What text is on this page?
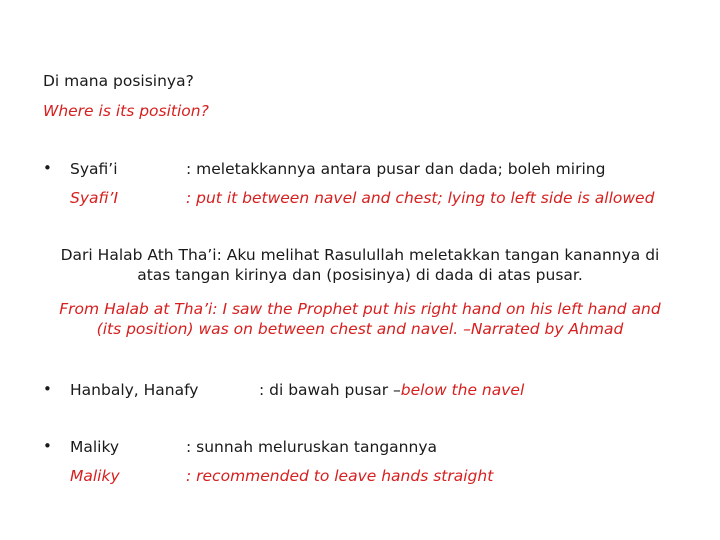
Di mana posisinya?
Where is its position?
• Syafi’i
Syafi’I
: meletakkannya antara pusar dan dada; boleh miring
: put it between navel and chest; lying to left side is allowed
Dari Halab Ath Tha’i: Aku melihat Rasulullah meletakkan tangan kanannya di
atas tangan kirinya dan (posisinya) di dada di atas pusar.
From Halab at Tha’i: I saw the Prophet put his right hand on his left hand and
(its position) was on between chest and navel. –Narrated by Ahmad
• Hanbaly, Hanafy	: di bawah pusar –below the navel
• Maliky
Maliky
: sunnah meluruskan tangannya
: recommended to leave hands straight
